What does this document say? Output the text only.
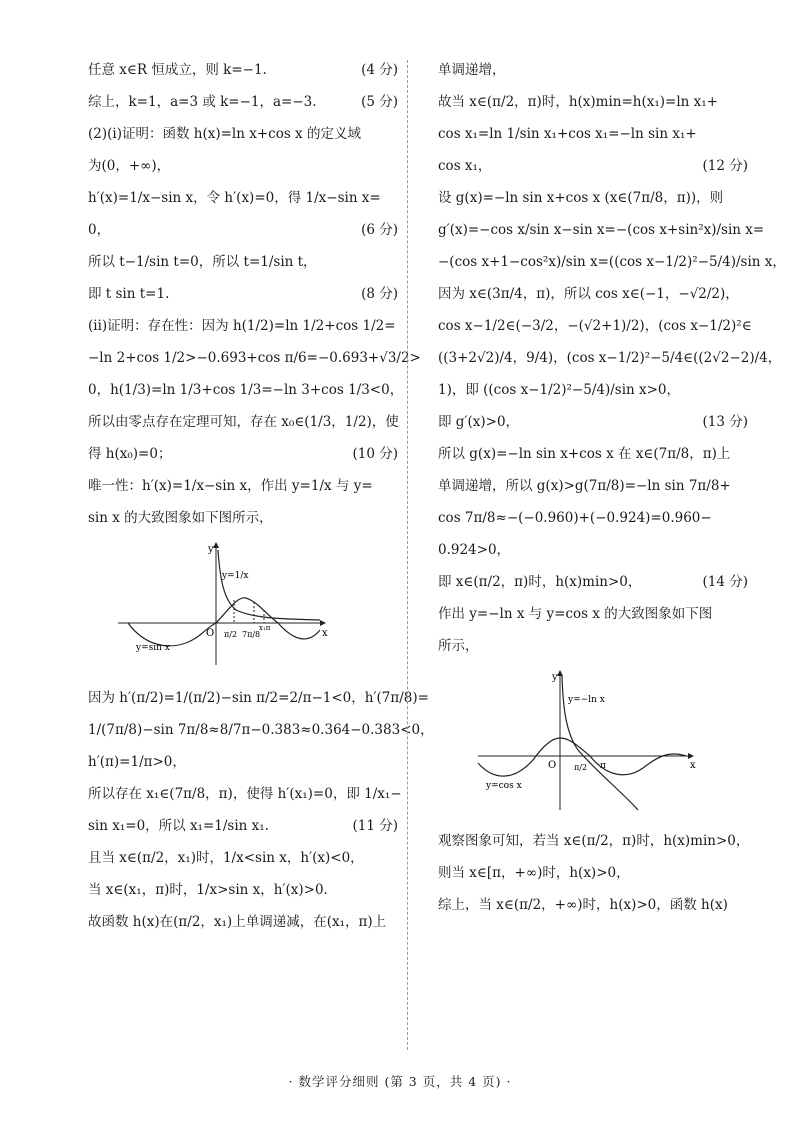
任意 x∈R 恒成立，则 k=−1.	(4 分)
综上，k=1，a=3 或 k=−1，a=−3.	(5 分)
(2)(ⅰ)证明：函数 h(x)=ln x+cos x 的定义域
为(0，+∞)，
h′(x)=1/x−sin x，令 h′(x)=0，得 1/x−sin x=
0，	(6 分)
所以 t−1/sin t=0，所以 t=1/sin t，
即 t sin t=1.	(8 分)
(ⅱ)证明：存在性：因为 h(1/2)=ln 1/2+cos 1/2=
−ln 2+cos 1/2>−0.693+cos π/6=−0.693+√3/2>
0，h(1/3)=ln 1/3+cos 1/3=−ln 3+cos 1/3<0，
所以由零点存在定理可知，存在 x₀∈(1/3，1/2)，使
得 h(x₀)=0；	(10 分)
唯一性：h′(x)=1/x−sin x，作出 y=1/x 与 y=
sin x 的大致图象如下图所示，
y
x
O
y=1/x
y=sin x
π/2 7π/8
x₁π
因为 h′(π/2)=1/(π/2)−sin π/2=2/π−1<0，h′(7π/8)=
1/(7π/8)−sin 7π/8≈8/7π−0.383≈0.364−0.383<0，
h′(π)=1/π>0，
所以存在 x₁∈(7π/8，π)，使得 h′(x₁)=0，即 1/x₁−
sin x₁=0，所以 x₁=1/sin x₁.	(11 分)
且当 x∈(π/2，x₁)时，1/x<sin x，h′(x)<0，
当 x∈(x₁，π)时，1/x>sin x，h′(x)>0.
故函数 h(x)在(π/2，x₁)上单调递减，在(x₁，π)上
单调递增，
故当 x∈(π/2，π)时，h(x)min=h(x₁)=ln x₁+
cos x₁=ln 1/sin x₁+cos x₁=−ln sin x₁+
cos x₁，	(12 分)
设 g(x)=−ln sin x+cos x (x∈(7π/8，π))，则
g′(x)=−cos x/sin x−sin x=−(cos x+sin²x)/sin x=
−(cos x+1−cos²x)/sin x=((cos x−1/2)²−5/4)/sin x，
因为 x∈(3π/4，π)，所以 cos x∈(−1，−√2/2)，
cos x−1/2∈(−3/2，−(√2+1)/2)，(cos x−1/2)²∈
((3+2√2)/4，9/4)，(cos x−1/2)²−5/4∈((2√2−2)/4，
1)，即 ((cos x−1/2)²−5/4)/sin x>0，
即 g′(x)>0，	(13 分)
所以 g(x)=−ln sin x+cos x 在 x∈(7π/8，π)上
单调递增，所以 g(x)>g(7π/8)=−ln sin 7π/8+
cos 7π/8≈−(−0.960)+(−0.924)=0.960−
0.924>0，
即 x∈(π/2，π)时，h(x)min>0，	(14 分)
作出 y=−ln x 与 y=cos x 的大致图象如下图
所示，
y
x
O
y=−ln x
y=cos x
π/2 π
观察图象可知，若当 x∈(π/2，π)时，h(x)min>0，
则当 x∈[π，+∞)时，h(x)>0，
综上，当 x∈(π/2，+∞)时，h(x)>0，函数 h(x)
· 数学评分细则 (第 3 页，共 4 页) ·
